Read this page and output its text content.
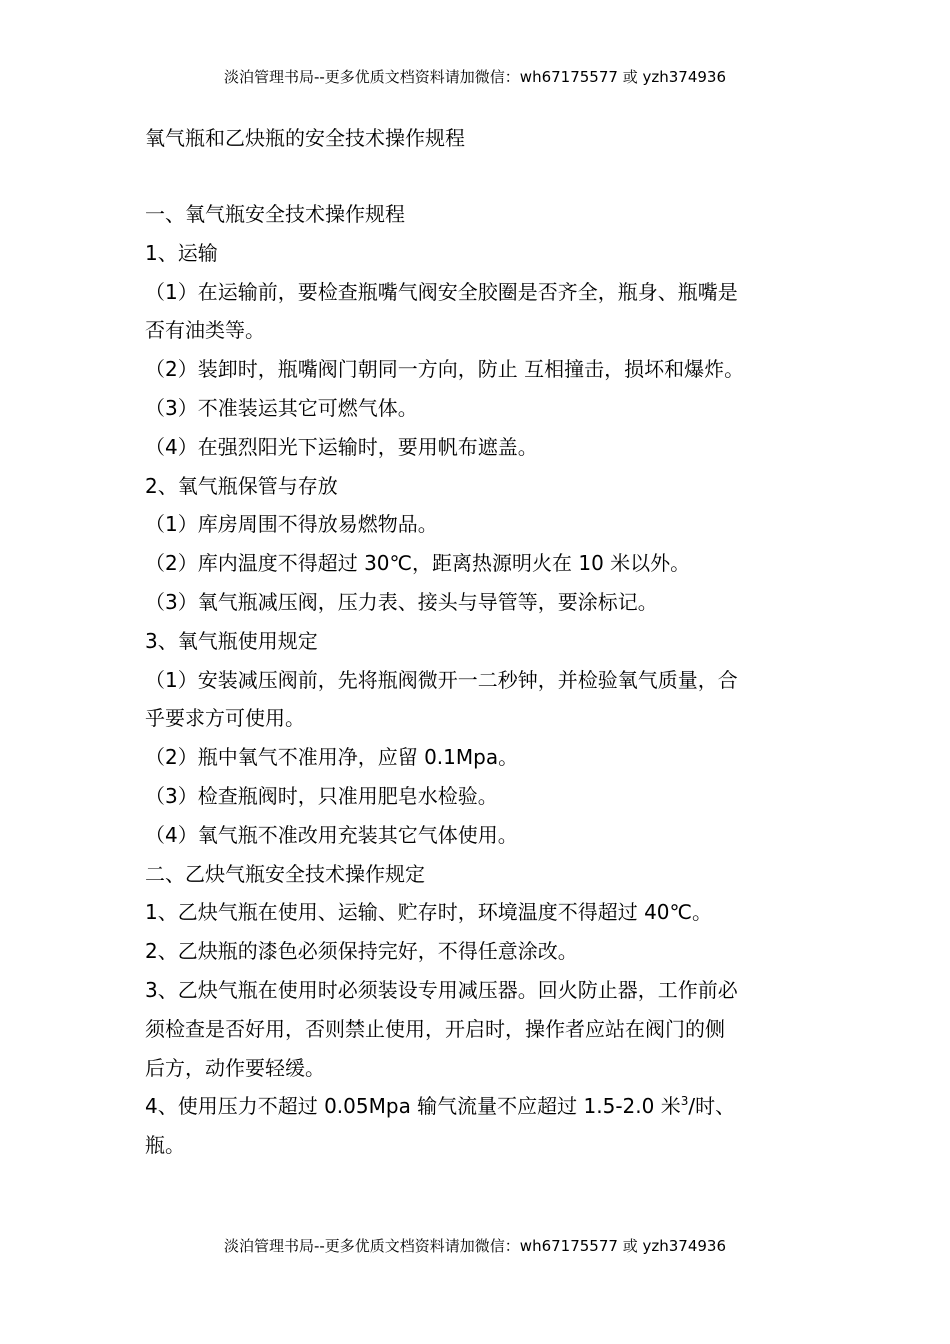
淡泊管理书局--更多优质文档资料请加微信：wh67175577 或 yzh374936
氧气瓶和乙炔瓶的安全技术操作规程
一、氧气瓶安全技术操作规程
1、运输
（1）在运输前，要检查瓶嘴气阀安全胶圈是否齐全，瓶身、瓶嘴是
否有油类等。
（2）装卸时，瓶嘴阀门朝同一方向，防止 互相撞击，损坏和爆炸。
（3）不准装运其它可燃气体。
（4）在强烈阳光下运输时，要用帆布遮盖。
2、氧气瓶保管与存放
（1）库房周围不得放易燃物品。
（2）库内温度不得超过 30℃，距离热源明火在 10 米以外。
（3）氧气瓶减压阀，压力表、接头与导管等，要涂标记。
3、氧气瓶使用规定
（1）安装减压阀前，先将瓶阀微开一二秒钟，并检验氧气质量，合
乎要求方可使用。
（2）瓶中氧气不准用净，应留 0.1Mpa。
（3）检查瓶阀时，只准用肥皂水检验。
（4）氧气瓶不准改用充装其它气体使用。
二、乙炔气瓶安全技术操作规定
1、乙炔气瓶在使用、运输、贮存时，环境温度不得超过 40℃。
2、乙炔瓶的漆色必须保持完好，不得任意涂改。
3、乙炔气瓶在使用时必须装设专用减压器。回火防止器，工作前必
须检查是否好用，否则禁止使用，开启时，操作者应站在阀门的侧
后方，动作要轻缓。
4、使用压力不超过 0.05Mpa 输气流量不应超过 1.5-2.0 米$^3$/时、
瓶。
淡泊管理书局--更多优质文档资料请加微信：wh67175577 或 yzh374936
